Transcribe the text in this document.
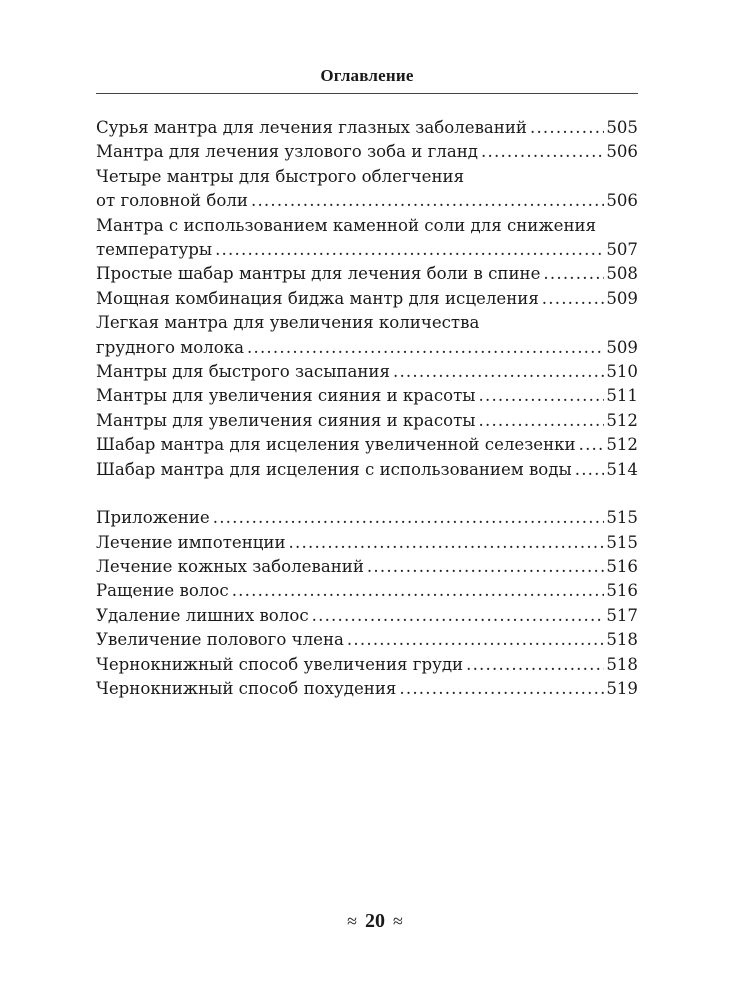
Оглавление
Сурья мантра для лечения глазных заболеваний .....	505
Мантра для лечения узлового зоба и гланд .....	506
Четыре мантры для быстрого облегчения
от головной боли .....	506
Мантра с использованием каменной соли для снижения
температуры .....	507
Простые шабар мантры для лечения боли в спине .....	508
Мощная комбинация биджа мантр для исцеления .....	509
Легкая мантра для увеличения количества
грудного молока .....	509
Мантры для быстрого засыпания .....	510
Мантры для увеличения сияния и красоты .....	511
Мантры для увеличения сияния и красоты .....	512
Шабар мантра для исцеления увеличенной селезенки ..... 512
Шабар мантра для исцеления с использованием воды ..... 514
Приложение .....	515
Лечение импотенции .....	515
Лечение кожных заболеваний .....	516
Ращение волос .....	516
Удаление лишних волос .....	517
Увеличение полового члена .....	518
Чернокнижный способ увеличения груди .....	518
Чернокнижный способ похудения .....	519
≈ 20 ≈
